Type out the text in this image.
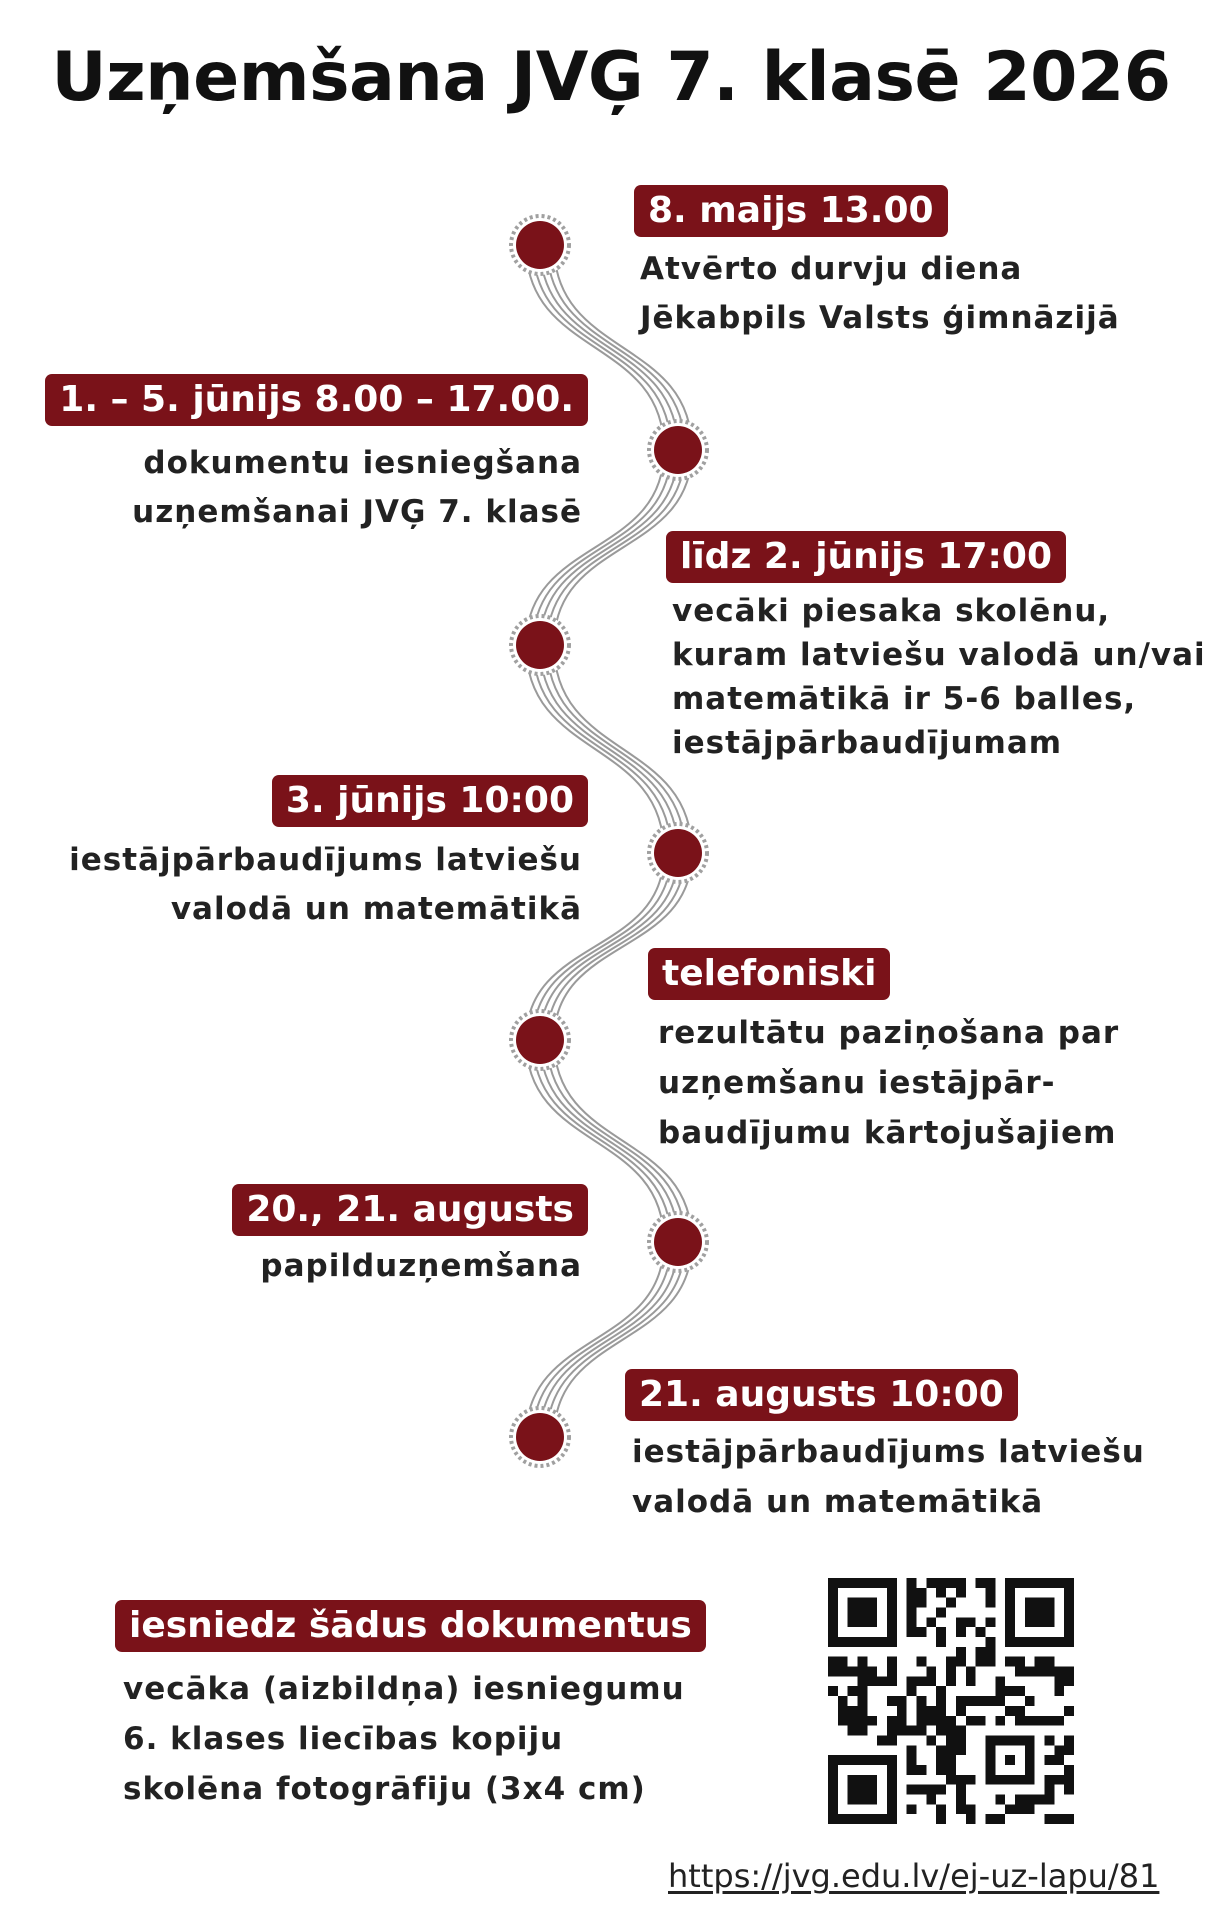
Uzņemšana JVĢ 7. klasē 2026
8. maijs 13.00
Atvērto durvju diena
Jēkabpils Valsts ģimnāzijā
1. – 5. jūnijs 8.00 – 17.00.
dokumentu iesniegšana
uzņemšanai JVĢ 7. klasē
līdz 2. jūnijs 17:00
vecāki piesaka skolēnu,
kuram latviešu valodā un/vai
matemātikā ir 5-6 balles,
iestājpārbaudījumam
3. jūnijs 10:00
iestājpārbaudījums latviešu
valodā un matemātikā
telefoniski
rezultātu paziņošana par
uzņemšanu iestājpār-
baudījumu kārtojušajiem
20., 21. augusts
papilduzņemšana
21. augusts 10:00
iestājpārbaudījums latviešu
valodā un matemātikā
iesniedz šādus dokumentus
vecāka (aizbildņa) iesniegumu
6. klases liecības kopiju
skolēna fotogrāfiju (3x4 cm)
https://jvg.edu.lv/ej-uz-lapu/81
